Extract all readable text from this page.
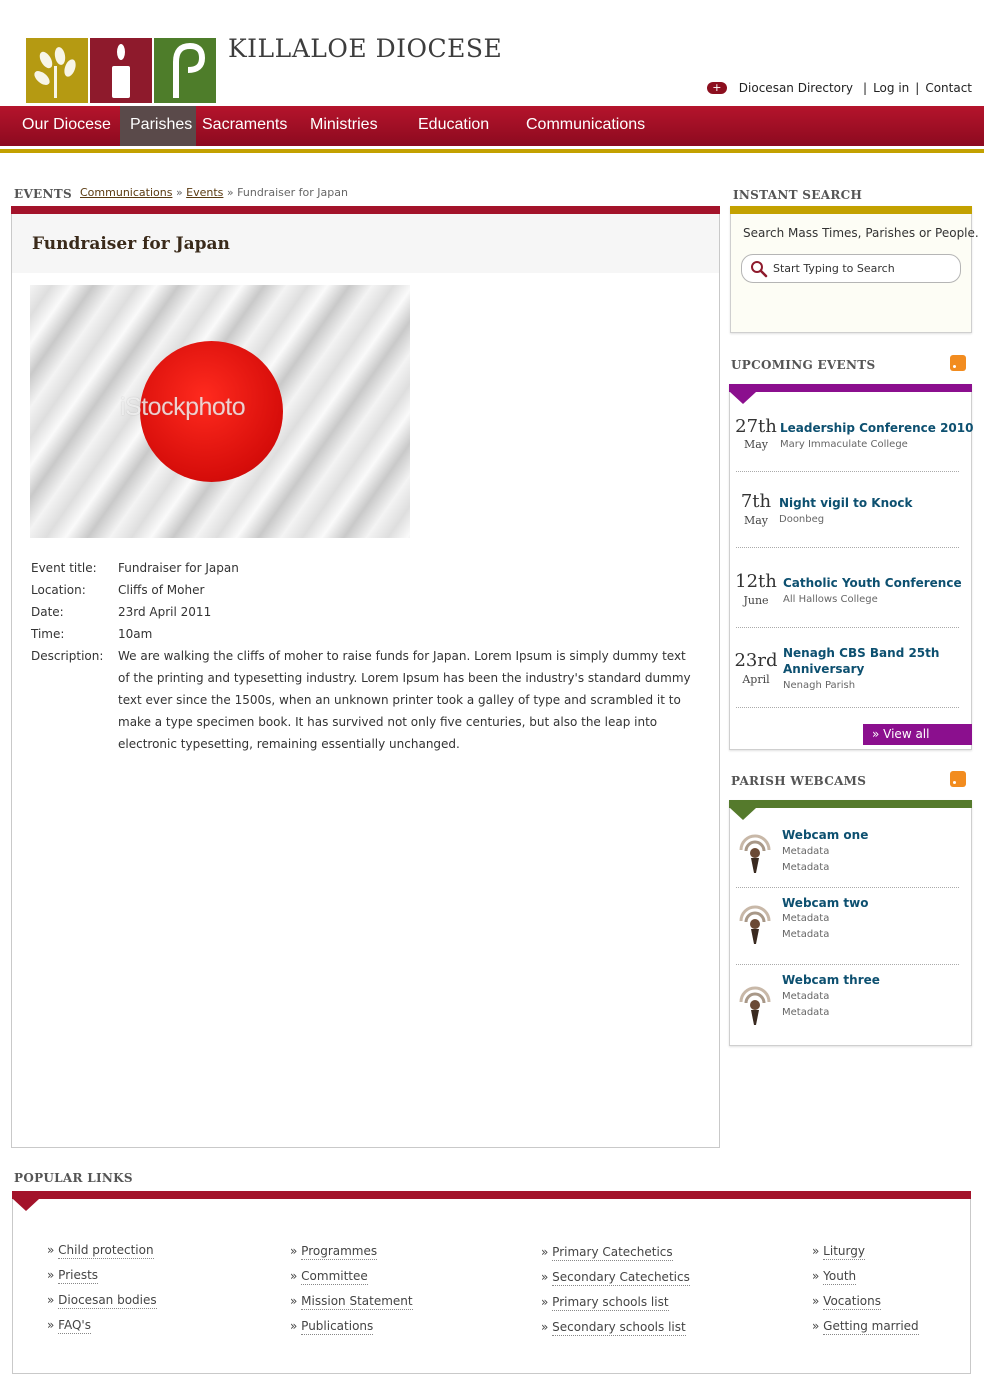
KILLALOE DIOCESE
+	Diocesan Directory | Log in | Contact
Our Diocese	Parishes Sacraments	Ministries	Education	Communications
EVENTS Communications » Events » Fundraiser for Japan
Fundraiser for Japan
iStockphoto
Event title: Fundraiser for Japan
Location:	Cliffs of Moher
Date:	23rd April 2011
Time:	10am
Description: We are walking the cliffs of moher to raise funds for Japan. Lorem Ipsum is simply dummy text of the printing and typesetting industry. Lorem Ipsum has been the industry's standard dummy text ever since the 1500s, when an unknown printer took a galley of type and scrambled it to make a type specimen book. It has survived not only five centuries, but also the leap into electronic typesetting, remaining essentially unchanged.
INSTANT SEARCH
Search Mass Times, Parishes or People.
Start Typing to Search
UPCOMING EVENTS
27th
May
Leadership Conference 2010
Mary Immaculate College
7th
May
Night vigil to Knock
Doonbeg
12th
June
Catholic Youth Conference
All Hallows College
23rd
April
Nenagh CBS Band 25th
Anniversary
Nenagh Parish
» View all
PARISH WEBCAMS
Webcam one
Metadata
Metadata
Webcam two
Metadata
Metadata
Webcam three
Metadata
Metadata
POPULAR LINKS
» Child protection
» Priests
» Diocesan bodies
» FAQ's
» Programmes
» Committee
» Mission Statement
» Publications
» Primary Catechetics
» Secondary Catechetics
» Primary schools list
» Secondary schools list
» Liturgy
» Youth
» Vocations
» Getting married
